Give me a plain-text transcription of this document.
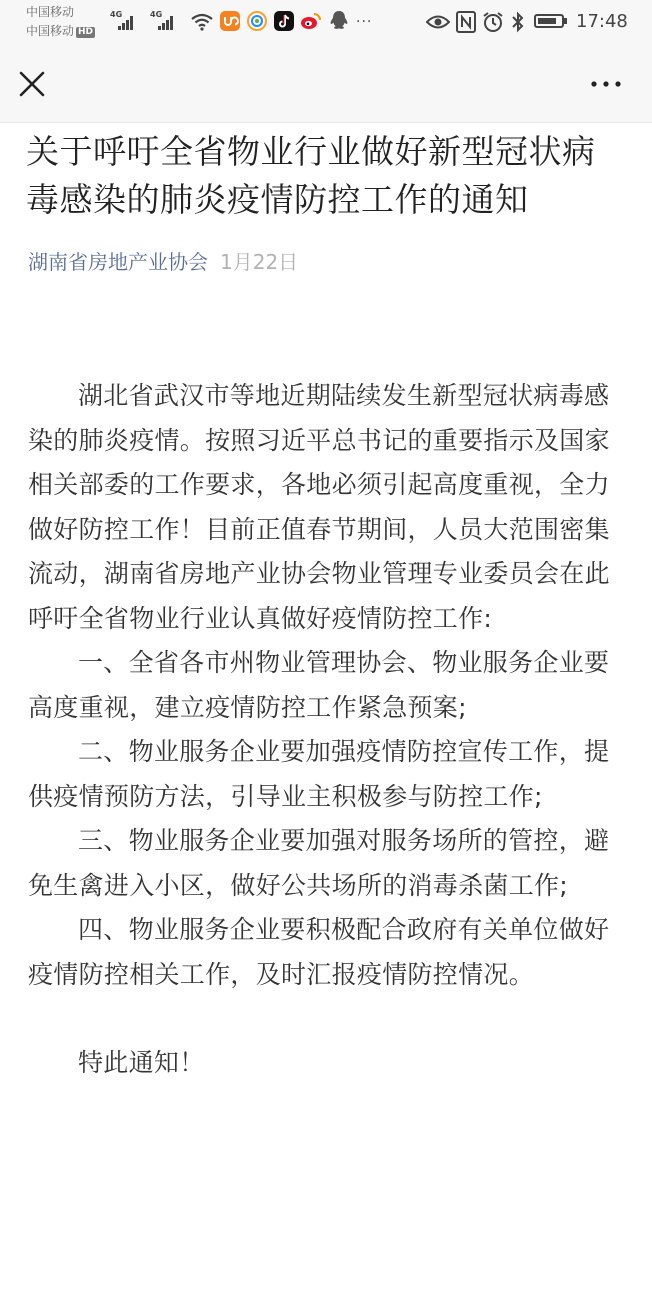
中国移动
中国移动 HD
4G	4G	···	17:48
关于呼吁全省物业行业做好新型冠状病毒感染的肺炎疫情防控工作的通知
湖南省房地产业协会 1月22日

湖北省武汉市等地近期陆续发生新型冠状病毒感染的肺炎疫情。按照习近平总书记的重要指示及国家相关部委的工作要求，各地必须引起高度重视，全力做好防控工作！目前正值春节期间，人员大范围密集流动，湖南省房地产业协会物业管理专业委员会在此呼吁全省物业行业认真做好疫情防控工作:

一、全省各市州物业管理协会、物业服务企业要高度重视，建立疫情防控工作紧急预案;

二、物业服务企业要加强疫情防控宣传工作，提供疫情预防方法，引导业主积极参与防控工作;

三、物业服务企业要加强对服务场所的管控，避免生禽进入小区，做好公共场所的消毒杀菌工作;

四、物业服务企业要积极配合政府有关单位做好疫情防控相关工作，及时汇报疫情防控情况。

特此通知！
